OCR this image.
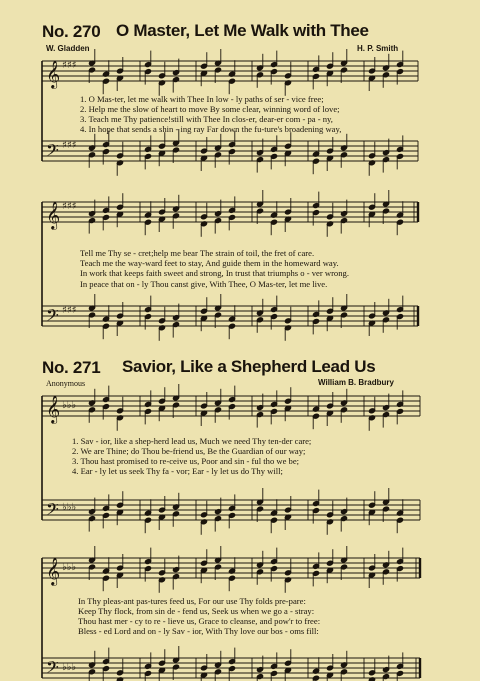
No. 270 O Master, Let Me Walk with Thee
W. Gladden	H. P. Smith
𝄞
𝄢
♯♯♯
♯♯♯
𝄞
𝄢
♯♯♯
♯♯♯
𝄞 ♭♭♭
𝄢 ♭♭♭
𝄞 ♭♭♭
𝄢 ♭♭♭
1. O Mas-ter, let me walk with Thee In low - ly paths of ser - vice free;
2. Help me the slow of heart to move By some clear, winning word of love;
3. Teach me Thy patience!still with Thee In clos-er, dear-er com - pa - ny,
4. In hope that sends a shin - ing ray Far down the fu-ture's broadening way,
Tell me Thy se - cret;help me bear The strain of toil, the fret of care.
Teach me the way-ward feet to stay, And guide them in the homeward way.
In work that keeps faith sweet and strong, In trust that triumphs o - ver wrong.
In peace that on - ly Thou canst give, With Thee, O Mas-ter, let me live.
No. 271 Savior, Like a Shepherd Lead Us
Anonymous	William B. Bradbury
1. Sav - ior, like a shep-herd lead us, Much we need Thy ten-der care;
2. We are Thine; do Thou be-friend us, Be the Guardian of our way;
3. Thou hast promised to re-ceive us, Poor and sin - ful tho we be;
4. Ear - ly let us seek Thy fa - vor; Ear - ly let us do Thy will;
In Thy pleas-ant pas-tures feed us, For our use Thy folds pre-pare:
Keep Thy flock, from sin de - fend us, Seek us when we go a - stray:
Thou hast mer - cy to re - lieve us, Grace to cleanse, and pow'r to free:
Bless - ed Lord and on - ly Sav - ior, With Thy love our bos - oms fill:
